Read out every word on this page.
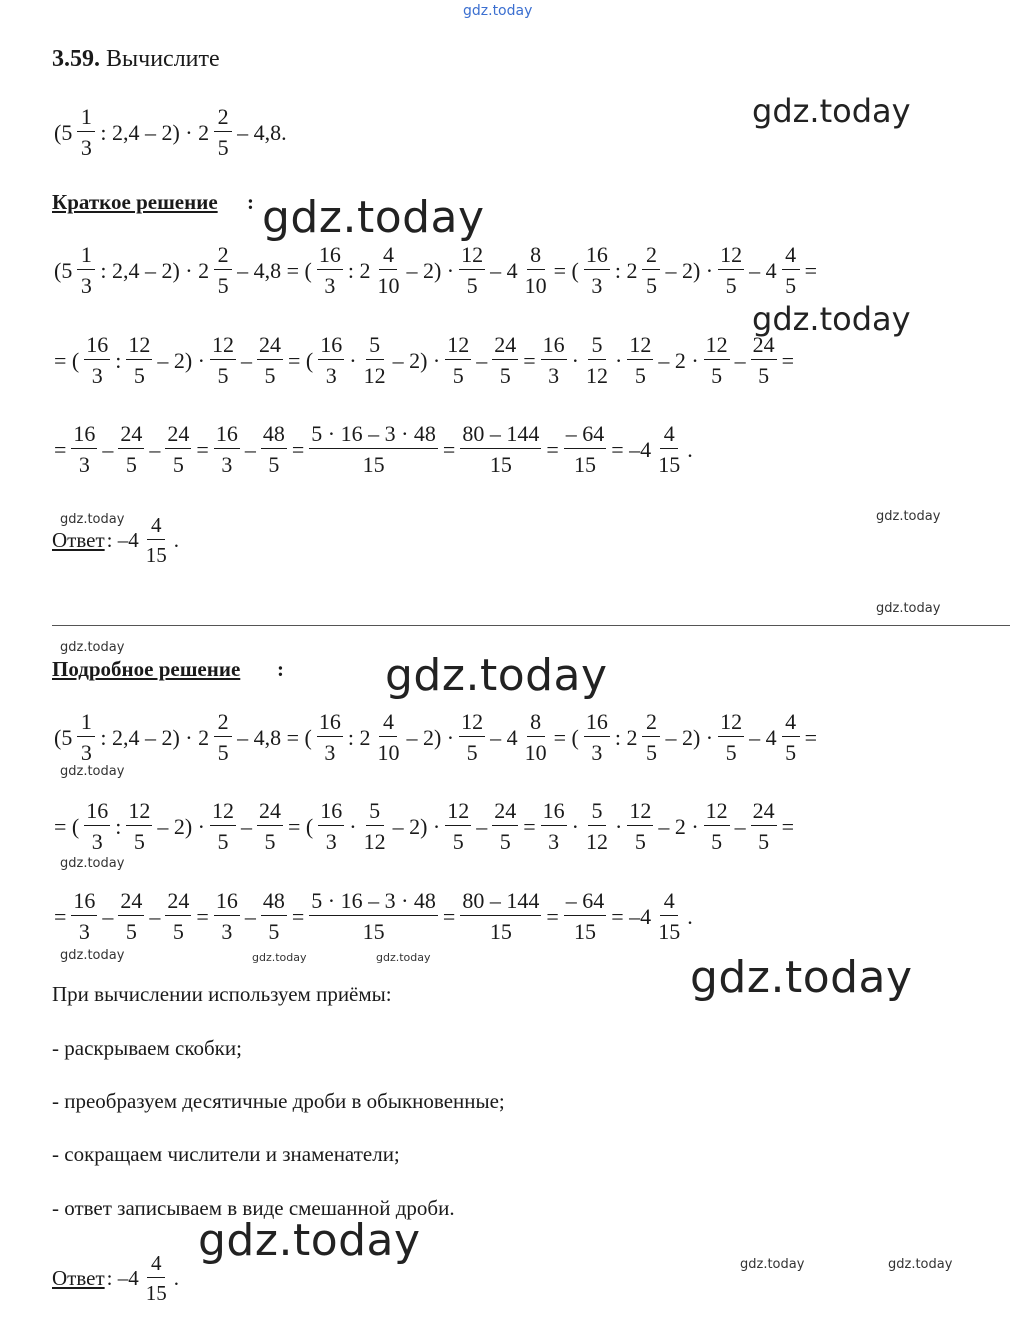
gdz.today
gdz.today
gdz.today
gdz.today
gdz.today	gdz.today
gdz.today
gdz.today
gdz.today
gdz.today
gdz.today
gdz.today	gdz.today	gdz.today	gdz.today
gdz.today	gdz.today	gdz.today
3.59. Вычислите
($5 \frac{1}{3}$ : $2,4 - 2) \cdot 2 \frac{2}{5} - 4,8$.
Краткое решение :
($5 \frac{1}{3}$ : $2,4 - 2) \cdot 2 \frac{2}{5} - 4,8$ = ( $\frac{16}{3}$ : $2 \frac{4}{10} - 2) \cdot \frac{12}{5} - 4 \frac{8}{10}$ = ( $\frac{16}{3}$ : $2 \frac{2}{5} - 2) \cdot \frac{12}{5} - 4 \frac{4}{5}$ =
= ( $\frac{16}{3}$ : $\frac{12}{5} - 2) \cdot \frac{12}{5} - \frac{24}{5}$ = ( $\frac{16}{3} \cdot \frac{5}{12} - 2) \cdot \frac{12}{5} - \frac{24}{5} = \frac{16}{3} \cdot \frac{5}{12} \cdot \frac{12}{5} - 2 \cdot \frac{12}{5} - \frac{24}{5}$ =
= $\frac{16}{3} - \frac{24}{5} - \frac{24}{5} = \frac{16}{3} - \frac{48}{5} = \frac{5 \cdot 16 - 3 \cdot 48}{15} = \frac{80 - 144}{15} = \frac{- 64}{15} = -4 \frac{4}{15}$ .
Ответ : $-4 \frac{4}{15}$ .
Подробное решение :
($5 \frac{1}{3}$ : $2,4 - 2) \cdot 2 \frac{2}{5} - 4,8$ = ( $\frac{16}{3}$ : $2 \frac{4}{10} - 2) \cdot \frac{12}{5} - 4 \frac{8}{10}$ = ( $\frac{16}{3}$ : $2 \frac{2}{5} - 2) \cdot \frac{12}{5} - 4 \frac{4}{5}$ =
= ( $\frac{16}{3}$ : $\frac{12}{5} - 2) \cdot \frac{12}{5} - \frac{24}{5}$ = ( $\frac{16}{3} \cdot \frac{5}{12} - 2) \cdot \frac{12}{5} - \frac{24}{5} = \frac{16}{3} \cdot \frac{5}{12} \cdot \frac{12}{5} - 2 \cdot \frac{12}{5} - \frac{24}{5}$ =
= $\frac{16}{3} - \frac{24}{5} - \frac{24}{5} = \frac{16}{3} - \frac{48}{5} = \frac{5 \cdot 16 - 3 \cdot 48}{15} = \frac{80 - 144}{15} = \frac{- 64}{15} = -4 \frac{4}{15}$ .
При вычислении используем приёмы:
- раскрываем скобки;
- преобразуем десятичные дроби в обыкновенные;
- сокращаем числители и знаменатели;
- ответ записываем в виде смешанной дроби.
Ответ : $-4 \frac{4}{15}$ .
